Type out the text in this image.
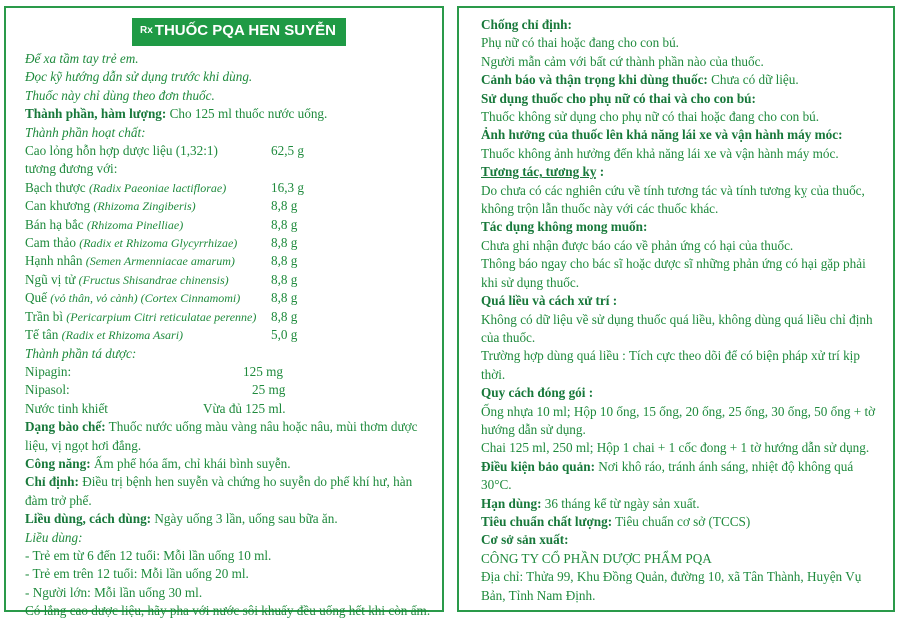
$^{Rx}$ THUỐC PQA HEN SUYỄN
Để xa tầm tay trẻ em.
Đọc kỹ hướng dẫn sử dụng trước khi dùng.
Thuốc này chỉ dùng theo đơn thuốc.
Thành phần, hàm lượng: Cho 125 ml thuốc nước uống.
Thành phần hoạt chất:
Cao lỏng hỗn hợp dược liệu (1,32:1)	62,5 g
tương đương với:
Bạch thược (Radix Paeoniae lactiflorae)	16,3 g
Can khương (Rhizoma Zingiberis)	8,8 g
Bán hạ bắc (Rhizoma Pinelliae)	8,8 g
Cam thảo (Radix et Rhizoma Glycyrrhizae)	8,8 g
Hạnh nhân (Semen Armenniacae amarum)	8,8 g
Ngũ vị tử (Fructus Shisandrae chinensis)	8,8 g
Quế (vỏ thân, vỏ cành) (Cortex Cinnamomi)	8,8 g
Trần bì (Pericarpium Citri reticulatae perenne)	8,8 g
Tế tân (Radix et Rhizoma Asari)	5,0 g
Thành phần tá dược:
Nipagin:	125 mg
Nipasol:	25 mg
Nước tinh khiết	Vừa đủ 125 ml.
Dạng bào chế: Thuốc nước uống màu vàng nâu hoặc nâu, mùi thơm dược liệu, vị ngọt hơi đắng.
Công năng: Ấm phế hóa ẩm, chỉ khái bình suyễn.
Chỉ định: Điều trị bệnh hen suyễn và chứng ho suyễn do phế khí hư, hàn đàm trở phế.
Liều dùng, cách dùng: Ngày uống 3 lần, uống sau bữa ăn.
Liều dùng:
- Trẻ em từ 6 đến 12 tuổi: Mỗi lần uống 10 ml.
- Trẻ em trên 12 tuổi: Mỗi lần uống 20 ml.
- Người lớn: Mỗi lần uống 30 ml.
Có lắng cao dược liệu, hãy pha với nước sôi khuấy đều uống hết khi còn ấm.
Chống chỉ định:
Phụ nữ có thai hoặc đang cho con bú.
Người mẫn cảm với bất cứ thành phần nào của thuốc.
Cảnh báo và thận trọng khi dùng thuốc: Chưa có dữ liệu.
Sử dụng thuốc cho phụ nữ có thai và cho con bú:
Thuốc không sử dụng cho phụ nữ có thai hoặc đang cho con bú.
Ảnh hưởng của thuốc lên khả năng lái xe và vận hành máy móc:
Thuốc không ảnh hưởng đến khả năng lái xe và vận hành máy móc.
Tương tác, tương kỵ :
Do chưa có các nghiên cứu về tính tương tác và tính tương kỵ của thuốc, không trộn lẫn thuốc này với các thuốc khác.
Tác dụng không mong muốn:
Chưa ghi nhận được báo cáo về phản ứng có hại của thuốc.
Thông báo ngay cho bác sĩ hoặc dược sĩ những phản ứng có hại gặp phải khi sử dụng thuốc.
Quá liều và cách xử trí :
Không có dữ liệu về sử dụng thuốc quá liều, không dùng quá liều chỉ định của thuốc.
Trường hợp dùng quá liều : Tích cực theo dõi để có biện pháp xử trí kịp thời.
Quy cách đóng gói :
Ống nhựa 10 ml; Hộp 10 ống, 15 ống, 20 ống, 25 ống, 30 ống, 50 ống + tờ hướng dẫn sử dụng.
Chai 125 ml, 250 ml; Hộp 1 chai + 1 cốc đong + 1 tờ hướng dẫn sử dụng.
Điều kiện bảo quản: Nơi khô ráo, tránh ánh sáng, nhiệt độ không quá 30°C.
Hạn dùng: 36 tháng kể từ ngày sản xuất.
Tiêu chuẩn chất lượng: Tiêu chuẩn cơ sở (TCCS)
Cơ sở sản xuất:
CÔNG TY CỔ PHẦN DƯỢC PHẨM PQA
Địa chỉ: Thửa 99, Khu Đồng Quản, đường 10, xã Tân Thành, Huyện Vụ Bản, Tỉnh Nam Định.
